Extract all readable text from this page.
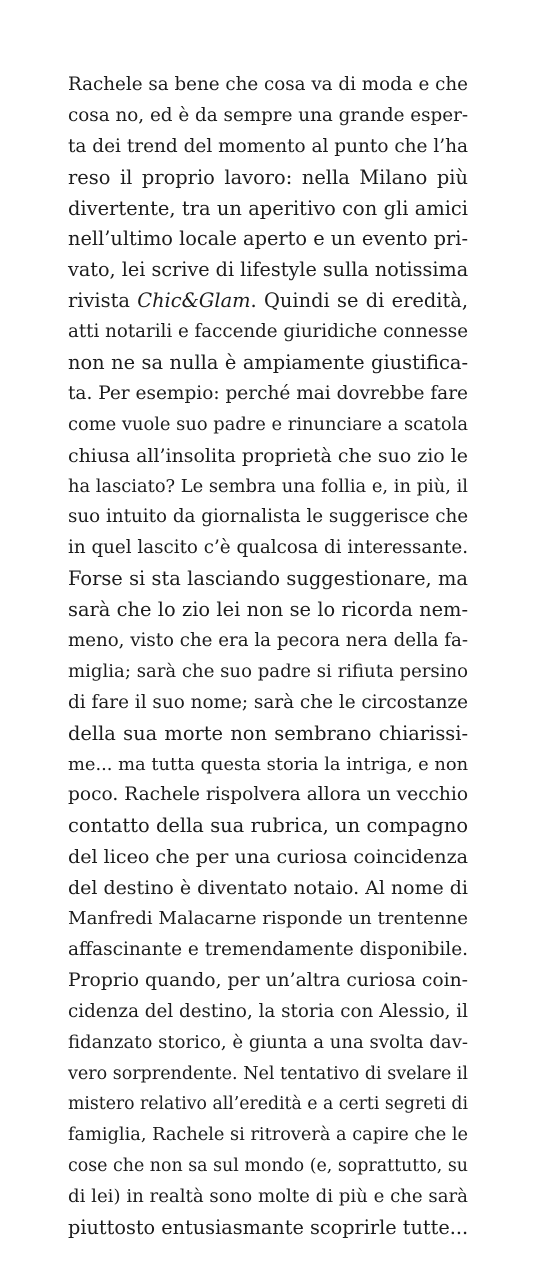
Rachele sa bene che cosa va di moda e che
cosa no, ed è da sempre una grande esper-
ta dei trend del momento al punto che l’ha
reso il proprio lavoro: nella Milano più
divertente, tra un aperitivo con gli amici
nell’ultimo locale aperto e un evento pri-
vato, lei scrive di lifestyle sulla notissima
rivista Chic&Glam. Quindi se di eredità,
atti notarili e faccende giuridiche connesse
non ne sa nulla è ampiamente giustifica-
ta. Per esempio: perché mai dovrebbe fare
come vuole suo padre e rinunciare a scatola
chiusa all’insolita proprietà che suo zio le
ha lasciato? Le sembra una follia e, in più, il
suo intuito da giornalista le suggerisce che
in quel lascito c’è qualcosa di interessante.
Forse si sta lasciando suggestionare, ma
sarà che lo zio lei non se lo ricorda nem-
meno, visto che era la pecora nera della fa-
miglia; sarà che suo padre si rifiuta persino
di fare il suo nome; sarà che le circostanze
della sua morte non sembrano chiarissi-
me... ma tutta questa storia la intriga, e non
poco. Rachele rispolvera allora un vecchio
contatto della sua rubrica, un compagno
del liceo che per una curiosa coincidenza
del destino è diventato notaio. Al nome di
Manfredi Malacarne risponde un trentenne
affascinante e tremendamente disponibile.
Proprio quando, per un’altra curiosa coin-
cidenza del destino, la storia con Alessio, il
fidanzato storico, è giunta a una svolta dav-
vero sorprendente. Nel tentativo di svelare il
mistero relativo all’eredità e a certi segreti di
famiglia, Rachele si ritroverà a capire che le
cose che non sa sul mondo (e, soprattutto, su
di lei) in realtà sono molte di più e che sarà
piuttosto entusiasmante scoprirle tutte...
